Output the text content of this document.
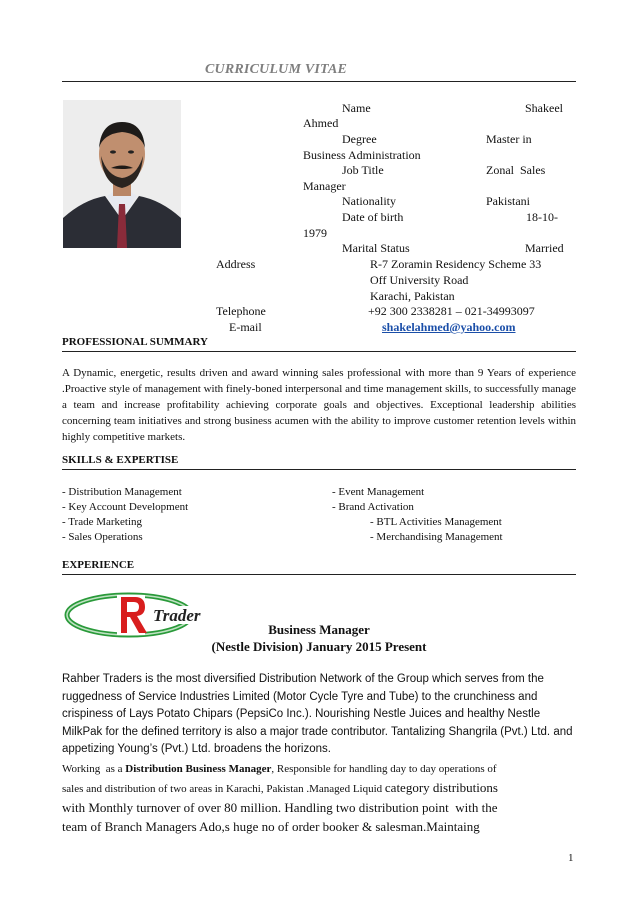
CURRICULUM VITAE
Name	Shakeel
Ahmed
Degree	Master in
Business Administration
Job Title	Zonal  Sales
Manager
Nationality	Pakistani
Date of birth	18-10-
1979
Marital Status	Married
Address	R-7 Zoramin Residency Scheme 33
Off University Road
Karachi, Pakistan
Telephone	+92 300 2338281 – 021-34993097
E-mail	shakelahmed@yahoo.com
PROFESSIONAL SUMMARY
A Dynamic, energetic, results driven and award winning sales professional with more than 9 Years of experience .Proactive style of management with finely-boned interpersonal and time management skills, to successfully manage a team and increase profitability achieving corporate goals and objectives. Exceptional leadership abilities concerning team initiatives and strong business acumen with the ability to improve customer retention levels within highly competitive markets.
SKILLS & EXPERTISE
- Distribution Management
- Key Account Development
- Trade Marketing
- Sales Operations
- Event Management
- Brand Activation
- BTL Activities Management
- Merchandising Management
EXPERIENCE
Trader
Business Manager
(Nestle Division) January 2015 Present
Rahber Traders is the most diversified Distribution Network of the Group which serves from the ruggedness of Service Industries Limited (Motor Cycle Tyre and Tube) to the crunchiness and crispiness of Lays Potato Chipars (PepsiCo Inc.). Nourishing Nestle Juices and healthy Nestle MilkPak for the defined territory is also a major trade contributor. Tantalizing Shangrila (Pvt.) Ltd. and appetizing Young’s (Pvt.) Ltd. broadens the horizons.
Working  as a Distribution Business Manager, Responsible for handling day to day operations of
sales and distribution of two areas in Karachi, Pakistan .Managed Liquid category distributions
with Monthly turnover of over 80 million. Handling two distribution point  with the
team of Branch Managers Ado,s huge no of order booker & salesman.Maintaing
1
